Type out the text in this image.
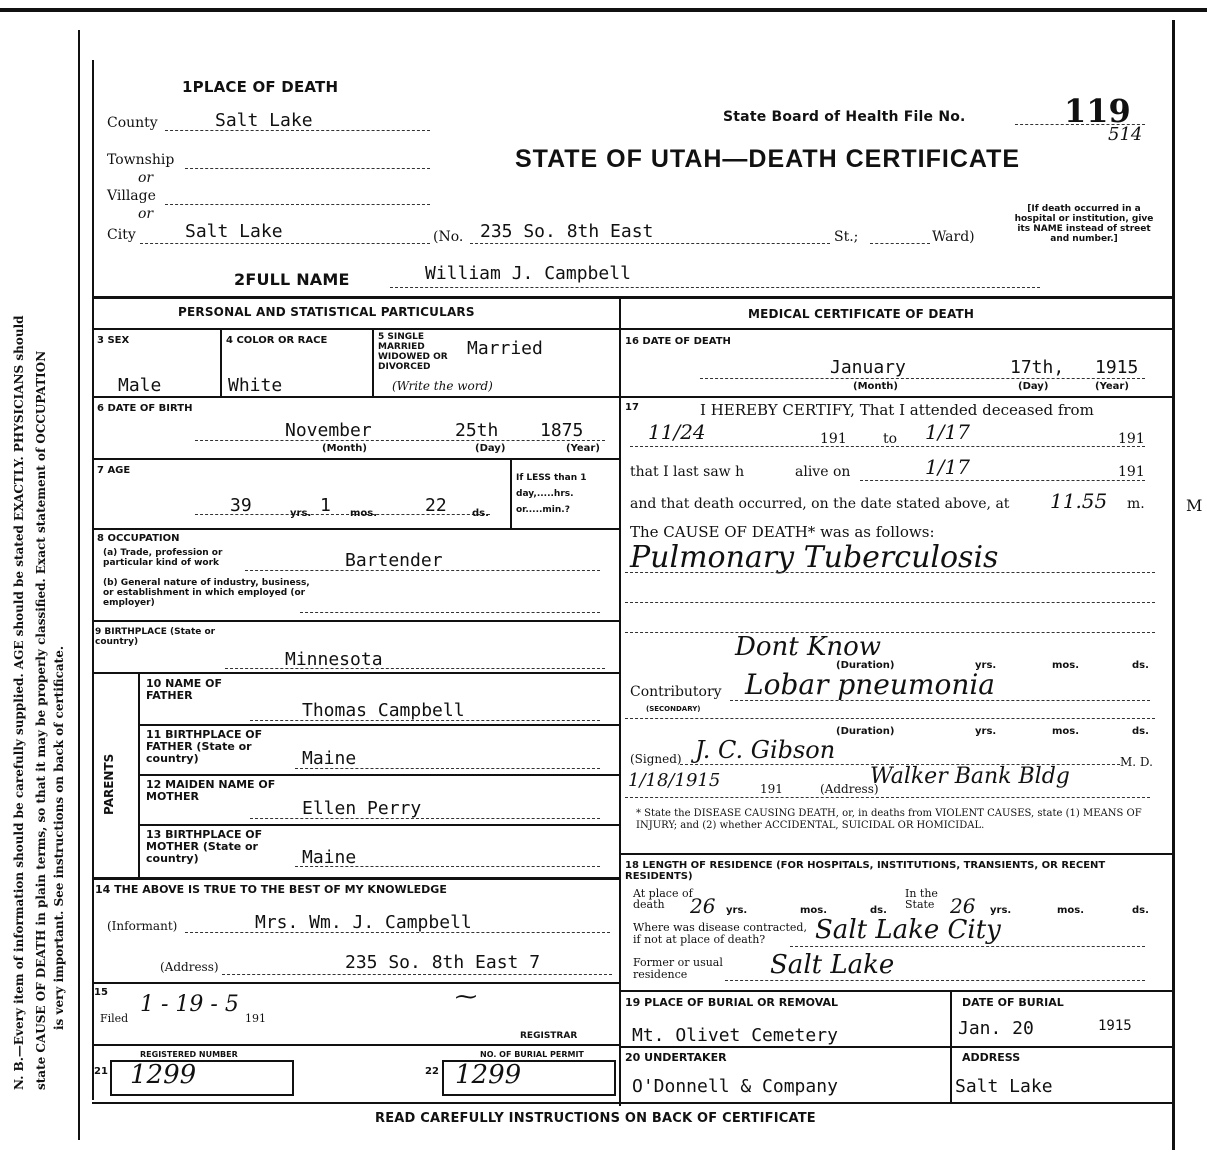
N. B.—Every item of information should be carefully supplied. AGE should be stated EXACTLY. PHYSICIANS should state CAUSE OF DEATH in plain terms, so that it may be properly classified. Exact statement of OCCUPATION is very important. See instructions on back of certificate.
1PLACE OF DEATH
County	Salt Lake
Township
or
Village
or
City	Salt Lake	(No. 235 So. 8th East	St.;	Ward)
State Board of Health File No.	119
514
STATE OF UTAH—DEATH CERTIFICATE
[If death occurred in a hospital or institution, give its NAME instead of street and number.]
2FULL NAME	William J. Campbell
PERSONAL AND STATISTICAL PARTICULARS
3 SEX
Male
4 COLOR OR RACE
White
5 SINGLE MARRIED WIDOWED OR DIVORCED
Married
(Write the word)
6 DATE OF BIRTH
November	25th 1875
(Month)	(Day)	(Year)
7 AGE
39	yrs. 1 mos.	22	ds.
If LESS than 1 day,.....hrs. or.....min.?
8 OCCUPATION
(a) Trade, profession or particular kind of work	Bartender
(b) General nature of industry, business, or establishment in which employed (or employer)
9 BIRTHPLACE (State or country)
Minnesota
PARENTS
10 NAME OF FATHER
Thomas Campbell
11 BIRTHPLACE OF FATHER (State or country)	Maine
12 MAIDEN NAME OF MOTHER
Ellen Perry
13 BIRTHPLACE OF MOTHER (State or country)	Maine
14 THE ABOVE IS TRUE TO THE BEST OF MY KNOWLEDGE
(Informant)	Mrs. Wm. J. Campbell
(Address)	235 So. 8th East 7
15
Filed
1 - 19 - 5
191
⁓
REGISTRAR
REGISTERED NUMBER	NO. OF BURIAL PERMIT
21 1299	22 1299
MEDICAL CERTIFICATE OF DEATH
16 DATE OF DEATH
January	17th, 1915
(Month)	(Day)	(Year)
17	I HEREBY CERTIFY, That I attended deceased from
11/24	191	to 1/17	191
that I last saw h	alive on	1/17	191
and that death occurred, on the date stated above, at 11.55 m.
The CAUSE OF DEATH* was as follows:
Pulmonary Tuberculosis
Dont Know
(Duration)	yrs.	mos.	ds.
Contributory
(SECONDARY)
Lobar pneumonia
(Duration)	yrs.	mos.	ds.
(Signed) J. C. Gibson	M. D.
1/18/1915	191	(Address)
Walker Bank Bldg
* State the DISEASE CAUSING DEATH, or, in deaths from VIOLENT CAUSES, state (1) MEANS OF INJURY; and (2) whether ACCIDENTAL, SUICIDAL OR HOMICIDAL.
18 LENGTH OF RESIDENCE (FOR HOSPITALS, INSTITUTIONS, TRANSIENTS, OR RECENT RESIDENTS)
At place of death	26 yrs.	mos.	ds.
In the State 26 yrs.	mos.	ds.
Where was disease contracted, if not at place of death?	Salt Lake City
Former or usual residence	Salt Lake
19 PLACE OF BURIAL OR REMOVAL
Mt. Olivet Cemetery
DATE OF BURIAL
Jan. 20	1915
20 UNDERTAKER
O'Donnell & Company
ADDRESS
Salt Lake
READ CAREFULLY INSTRUCTIONS ON BACK OF CERTIFICATE
M
